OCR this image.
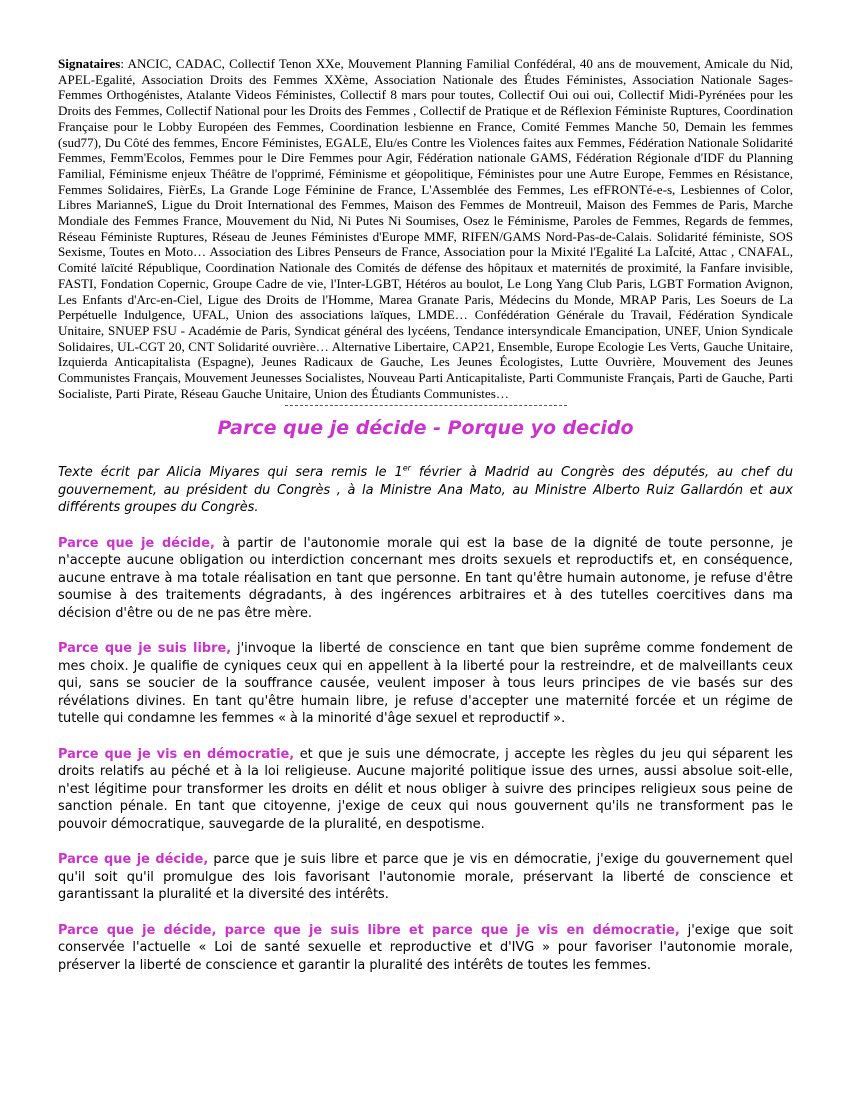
Signataires: ANCIC, CADAC, Collectif Tenon XXe, Mouvement Planning Familial Confédéral, 40 ans de mouvement, Amicale du Nid, APEL-Egalité, Association Droits des Femmes XXème, Association Nationale des Études Féministes, Association Nationale Sages-Femmes Orthogénistes, Atalante Videos Féministes, Collectif 8 mars pour toutes, Collectif Oui oui oui, Collectif Midi-Pyrénées pour les Droits des Femmes, Collectif National pour les Droits des Femmes , Collectif de Pratique et de Réflexion Féministe Ruptures, Coordination Française pour le Lobby Européen des Femmes, Coordination lesbienne en France, Comité Femmes Manche 50, Demain les femmes (sud77), Du Côté des femmes, Encore Féministes, EGALE, Elu/es Contre les Violences faites aux Femmes, Fédération Nationale Solidarité Femmes, Femm'Ecolos, Femmes pour le Dire Femmes pour Agir, Fédération nationale GAMS, Fédération Régionale d'IDF du Planning Familial, Féminisme enjeux Théâtre de l'opprimé, Féminisme et géopolitique, Féministes pour une Autre Europe, Femmes en Résistance, Femmes Solidaires, FièrEs, La Grande Loge Féminine de France, L'Assemblée des Femmes, Les efFRONTé-e-s, Lesbiennes of Color, Libres MarianneS, Ligue du Droit International des Femmes, Maison des Femmes de Montreuil, Maison des Femmes de Paris, Marche Mondiale des Femmes France, Mouvement du Nid, Ni Putes Ni Soumises, Osez le Féminisme, Paroles de Femmes, Regards de femmes, Réseau Féministe Ruptures, Réseau de Jeunes Féministes d'Europe MMF, RIFEN/GAMS Nord-Pas-de-Calais. Solidarité féministe, SOS Sexisme, Toutes en Moto… Association des Libres Penseurs de France, Association pour la Mixité l'Egalité La LaÏcité, Attac , CNAFAL, Comité laïcité République, Coordination Nationale des Comités de défense des hôpitaux et maternités de proximité, la Fanfare invisible, FASTI, Fondation Copernic, Groupe Cadre de vie, l'Inter-LGBT, Hétéros au boulot, Le Long Yang Club Paris, LGBT Formation Avignon, Les Enfants d'Arc-en-Ciel, Ligue des Droits de l'Homme, Marea Granate Paris, Médecins du Monde, MRAP Paris, Les Soeurs de La Perpétuelle Indulgence, UFAL, Union des associations laïques, LMDE… Confédération Générale du Travail, Fédération Syndicale Unitaire, SNUEP FSU - Académie de Paris, Syndicat général des lycéens, Tendance intersyndicale Emancipation, UNEF, Union Syndicale Solidaires, UL-CGT 20, CNT Solidarité ouvrière… Alternative Libertaire, CAP21, Ensemble, Europe Ecologie Les Verts, Gauche Unitaire, Izquierda Anticapitalista (Espagne), Jeunes Radicaux de Gauche, Les Jeunes Écologistes, Lutte Ouvrière, Mouvement des Jeunes Communistes Français, Mouvement Jeunesses Socialistes, Nouveau Parti Anticapitaliste, Parti Communiste Français, Parti de Gauche, Parti Socialiste, Parti Pirate, Réseau Gauche Unitaire, Union des Étudiants Communistes…

Parce que je décide - Porque yo decido

Texte écrit par Alicia Miyares qui sera remis le 1er février à Madrid au Congrès des députés, au chef du gouvernement, au président du Congrès , à la Ministre Ana Mato, au Ministre Alberto Ruiz Gallardón et aux différents groupes du Congrès.

Parce que je décide, à partir de l'autonomie morale qui est la base de la dignité de toute personne, je n'accepte aucune obligation ou interdiction concernant mes droits sexuels et reproductifs et, en conséquence, aucune entrave à ma totale réalisation en tant que personne. En tant qu'être humain autonome, je refuse d'être soumise à des traitements dégradants, à des ingérences arbitraires et à des tutelles coercitives dans ma décision d'être ou de ne pas être mère.

Parce que je suis libre, j'invoque la liberté de conscience en tant que bien suprême comme fondement de mes choix. Je qualifie de cyniques ceux qui en appellent à la liberté pour la restreindre, et de malveillants ceux qui, sans se soucier de la souffrance causée, veulent imposer à tous leurs principes de vie basés sur des révélations divines. En tant qu'être humain libre, je refuse d'accepter une maternité forcée et un régime de tutelle qui condamne les femmes « à la minorité d'âge sexuel et reproductif ».

Parce que je vis en démocratie, et que je suis une démocrate, j accepte les règles du jeu qui séparent les droits relatifs au péché et à la loi religieuse. Aucune majorité politique issue des urnes, aussi absolue soit-elle, n'est légitime pour transformer les droits en délit et nous obliger à suivre des principes religieux sous peine de sanction pénale. En tant que citoyenne, j'exige de ceux qui nous gouvernent qu'ils ne transforment pas le pouvoir démocratique, sauvegarde de la pluralité, en despotisme.

Parce que je décide, parce que je suis libre et parce que je vis en démocratie, j'exige du gouvernement quel qu'il soit qu'il promulgue des lois favorisant l'autonomie morale, préservant la liberté de conscience et garantissant la pluralité et la diversité des intérêts.

Parce que je décide, parce que je suis libre et parce que je vis en démocratie, j'exige que soit conservée l'actuelle « Loi de santé sexuelle et reproductive et d'IVG » pour favoriser l'autonomie morale, préserver la liberté de conscience et garantir la pluralité des intérêts de toutes les femmes.
